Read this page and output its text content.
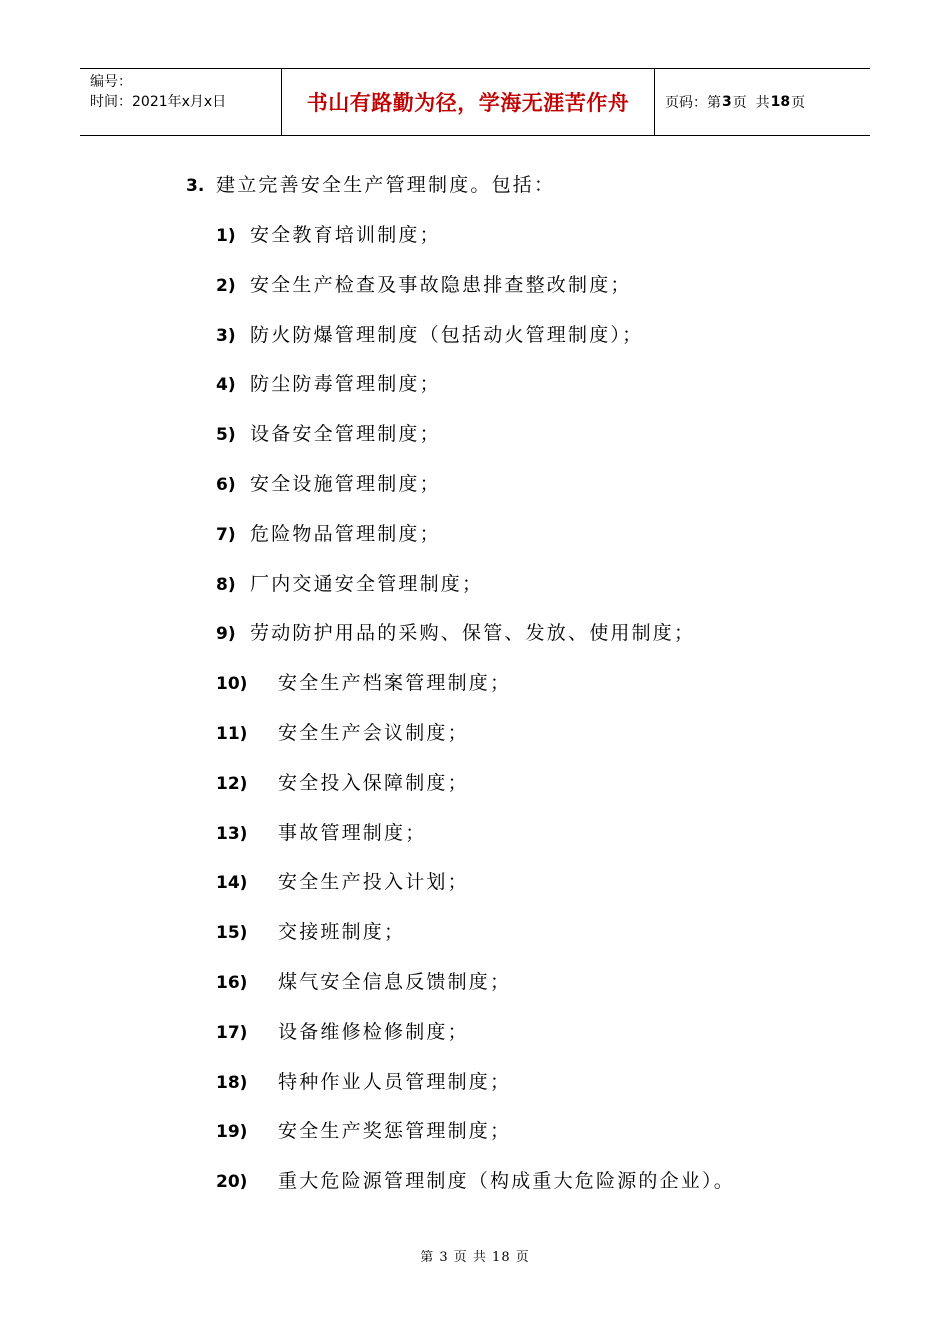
编号：
时间：2021年x月x日	书山有路勤为径，学海无涯苦作舟	页码：第 3 页  共 18 页
3. 建立完善安全生产管理制度。包括：
1) 安全教育培训制度；
2) 安全生产检查及事故隐患排查整改制度；
3) 防火防爆管理制度（包括动火管理制度）；
4) 防尘防毒管理制度；
5) 设备安全管理制度；
6) 安全设施管理制度；
7) 危险物品管理制度；
8) 厂内交通安全管理制度；
9) 劳动防护用品的采购、保管、发放、使用制度；
10) 安全生产档案管理制度；
11) 安全生产会议制度；
12) 安全投入保障制度；
13) 事故管理制度；
14) 安全生产投入计划；
15) 交接班制度；
16) 煤气安全信息反馈制度；
17) 设备维修检修制度；
18) 特种作业人员管理制度；
19) 安全生产奖惩管理制度；
20) 重大危险源管理制度（构成重大危险源的企业）。
第 3 页 共 18 页
